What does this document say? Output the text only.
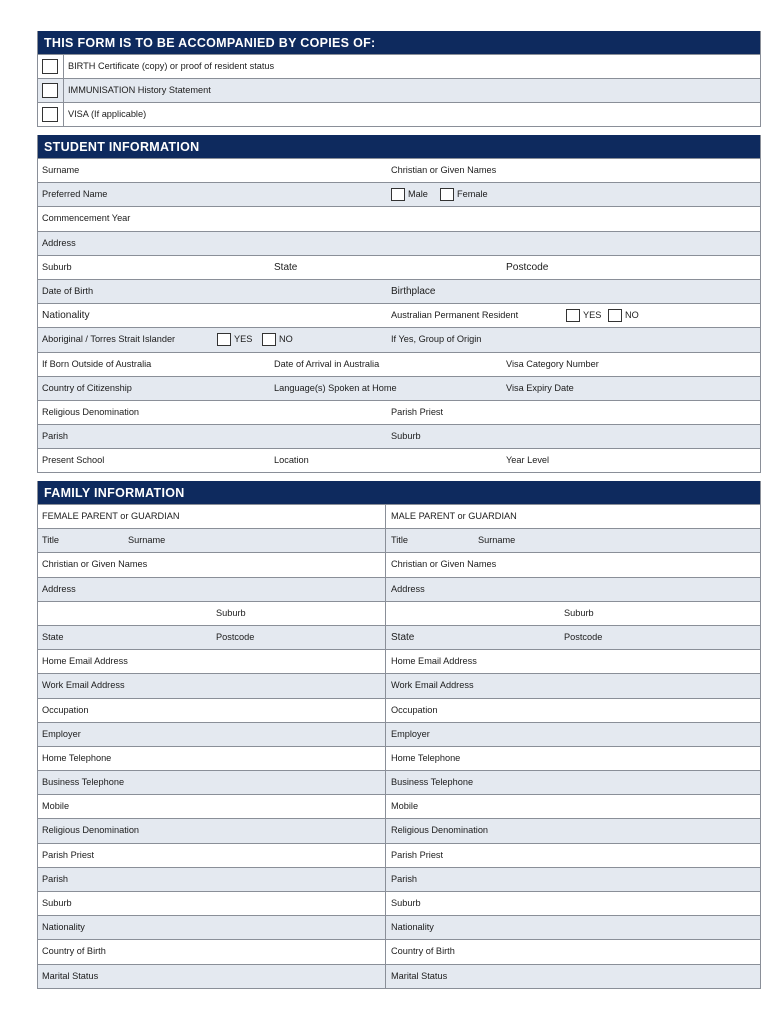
THIS FORM IS TO BE ACCOMPANIED BY COPIES OF:
BIRTH Certificate (copy) or proof of resident status
IMMUNISATION History Statement
VISA (If applicable)
STUDENT INFORMATION
Surname	Christian or Given Names
Preferred Name	Male	Female
Commencement Year
Address
Suburb	State	Postcode
Date of Birth	Birthplace
Nationality	Australian Permanent Resident	YES	NO
Aboriginal / Torres Strait Islander	YES	NO	If Yes, Group of Origin
If Born Outside of Australia	Date of Arrival in Australia	Visa Category Number
Country of Citizenship	Language(s) Spoken at Home	Visa Expiry Date
Religious Denomination	Parish Priest
Parish	Suburb
Present School	Location	Year Level
FAMILY INFORMATION
FEMALE PARENT or GUARDIAN	MALE PARENT or GUARDIAN
Title	Surname	Title	Surname
Christian or Given Names	Christian or Given Names
Address	Address
Suburb	Suburb
State	Postcode	State	Postcode
Home Email Address	Home Email Address
Work Email Address	Work Email Address
Occupation	Occupation
Employer	Employer
Home Telephone	Home Telephone
Business Telephone	Business Telephone
Mobile	Mobile
Religious Denomination	Religious Denomination
Parish Priest	Parish Priest
Parish	Parish
Suburb	Suburb
Nationality	Nationality
Country of Birth	Country of Birth
Marital Status	Marital Status
